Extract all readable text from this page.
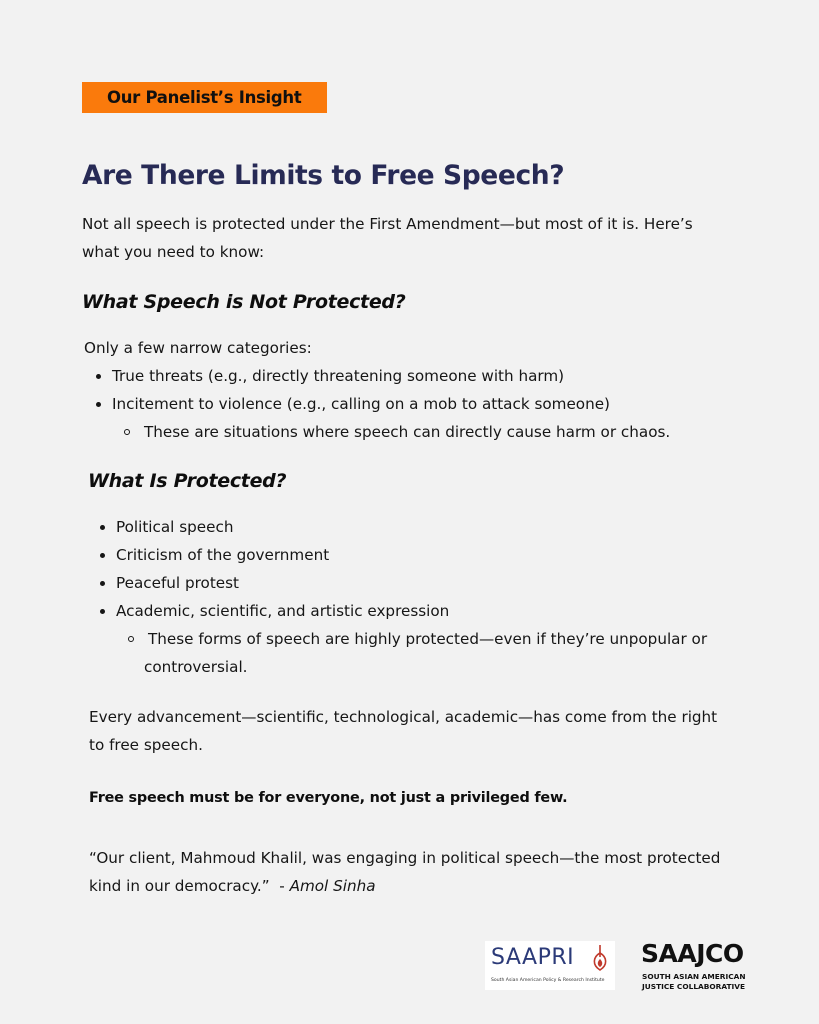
Our Panelist’s Insight
Are There Limits to Free Speech?

Not all speech is protected under the First Amendment—but most of it is. Here’s

what you need to know:

What Speech is Not Protected?

Only a few narrow categories:

True threats (e.g., directly threatening someone with harm)
Incitement to violence (e.g., calling on a mob to attack someone)
These are situations where speech can directly cause harm or chaos.
What Is Protected?
Political speech
Criticism of the government
Peaceful protest
Academic, scientific, and artistic expression
These forms of speech are highly protected—even if they’re unpopular or
controversial.

Every advancement—scientific, technological, academic—has come from the right

to free speech.

Free speech must be for everyone, not just a privileged few.

“Our client, Mahmoud Khalil, was engaging in political speech—the most protected

kind in our democracy.”  - Amol Sinha

SAAPRI
South Asian American Policy & Research Institute
SAAJCO
SOUTH ASIAN AMERICAN
JUSTICE COLLABORATIVE
